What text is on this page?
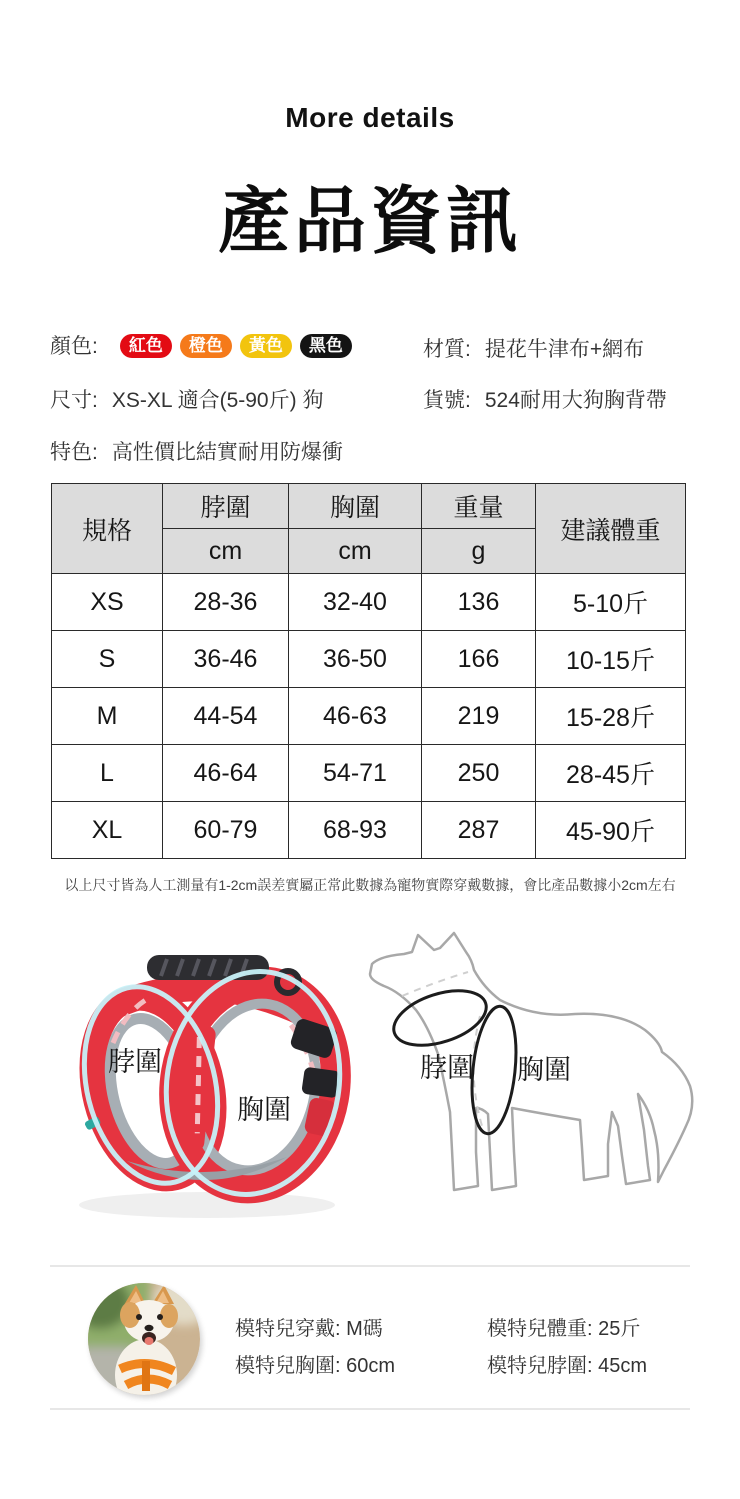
More details
產品資訊
顏色: 紅色 橙色 黃色 黑色	材質: 提花牛津布+網布
尺寸: XS-XL 適合(5-90斤) 狗	貨號: 524耐用大狗胸背帶
特色: 高性價比結實耐用防爆衝
規格	脖圍	胸圍	重量	建議體重
	cm	cm	g	
XS	28-36	32-40	136	5-10斤
S	36-46	36-50	166	10-15斤
M	44-54	46-63	219	15-28斤
L	46-64	54-71	250	28-45斤
XL	60-79	68-93	287	45-90斤
以上尺寸皆為人工測量有1-2cm誤差實屬正常此數據為寵物實際穿戴數據，會比產品數據小2cm左右
脖圍
胸圍
脖圍 胸圍
模特兒穿戴: M碼
模特兒胸圍: 60cm
模特兒體重: 25斤
模特兒脖圍: 45cm
